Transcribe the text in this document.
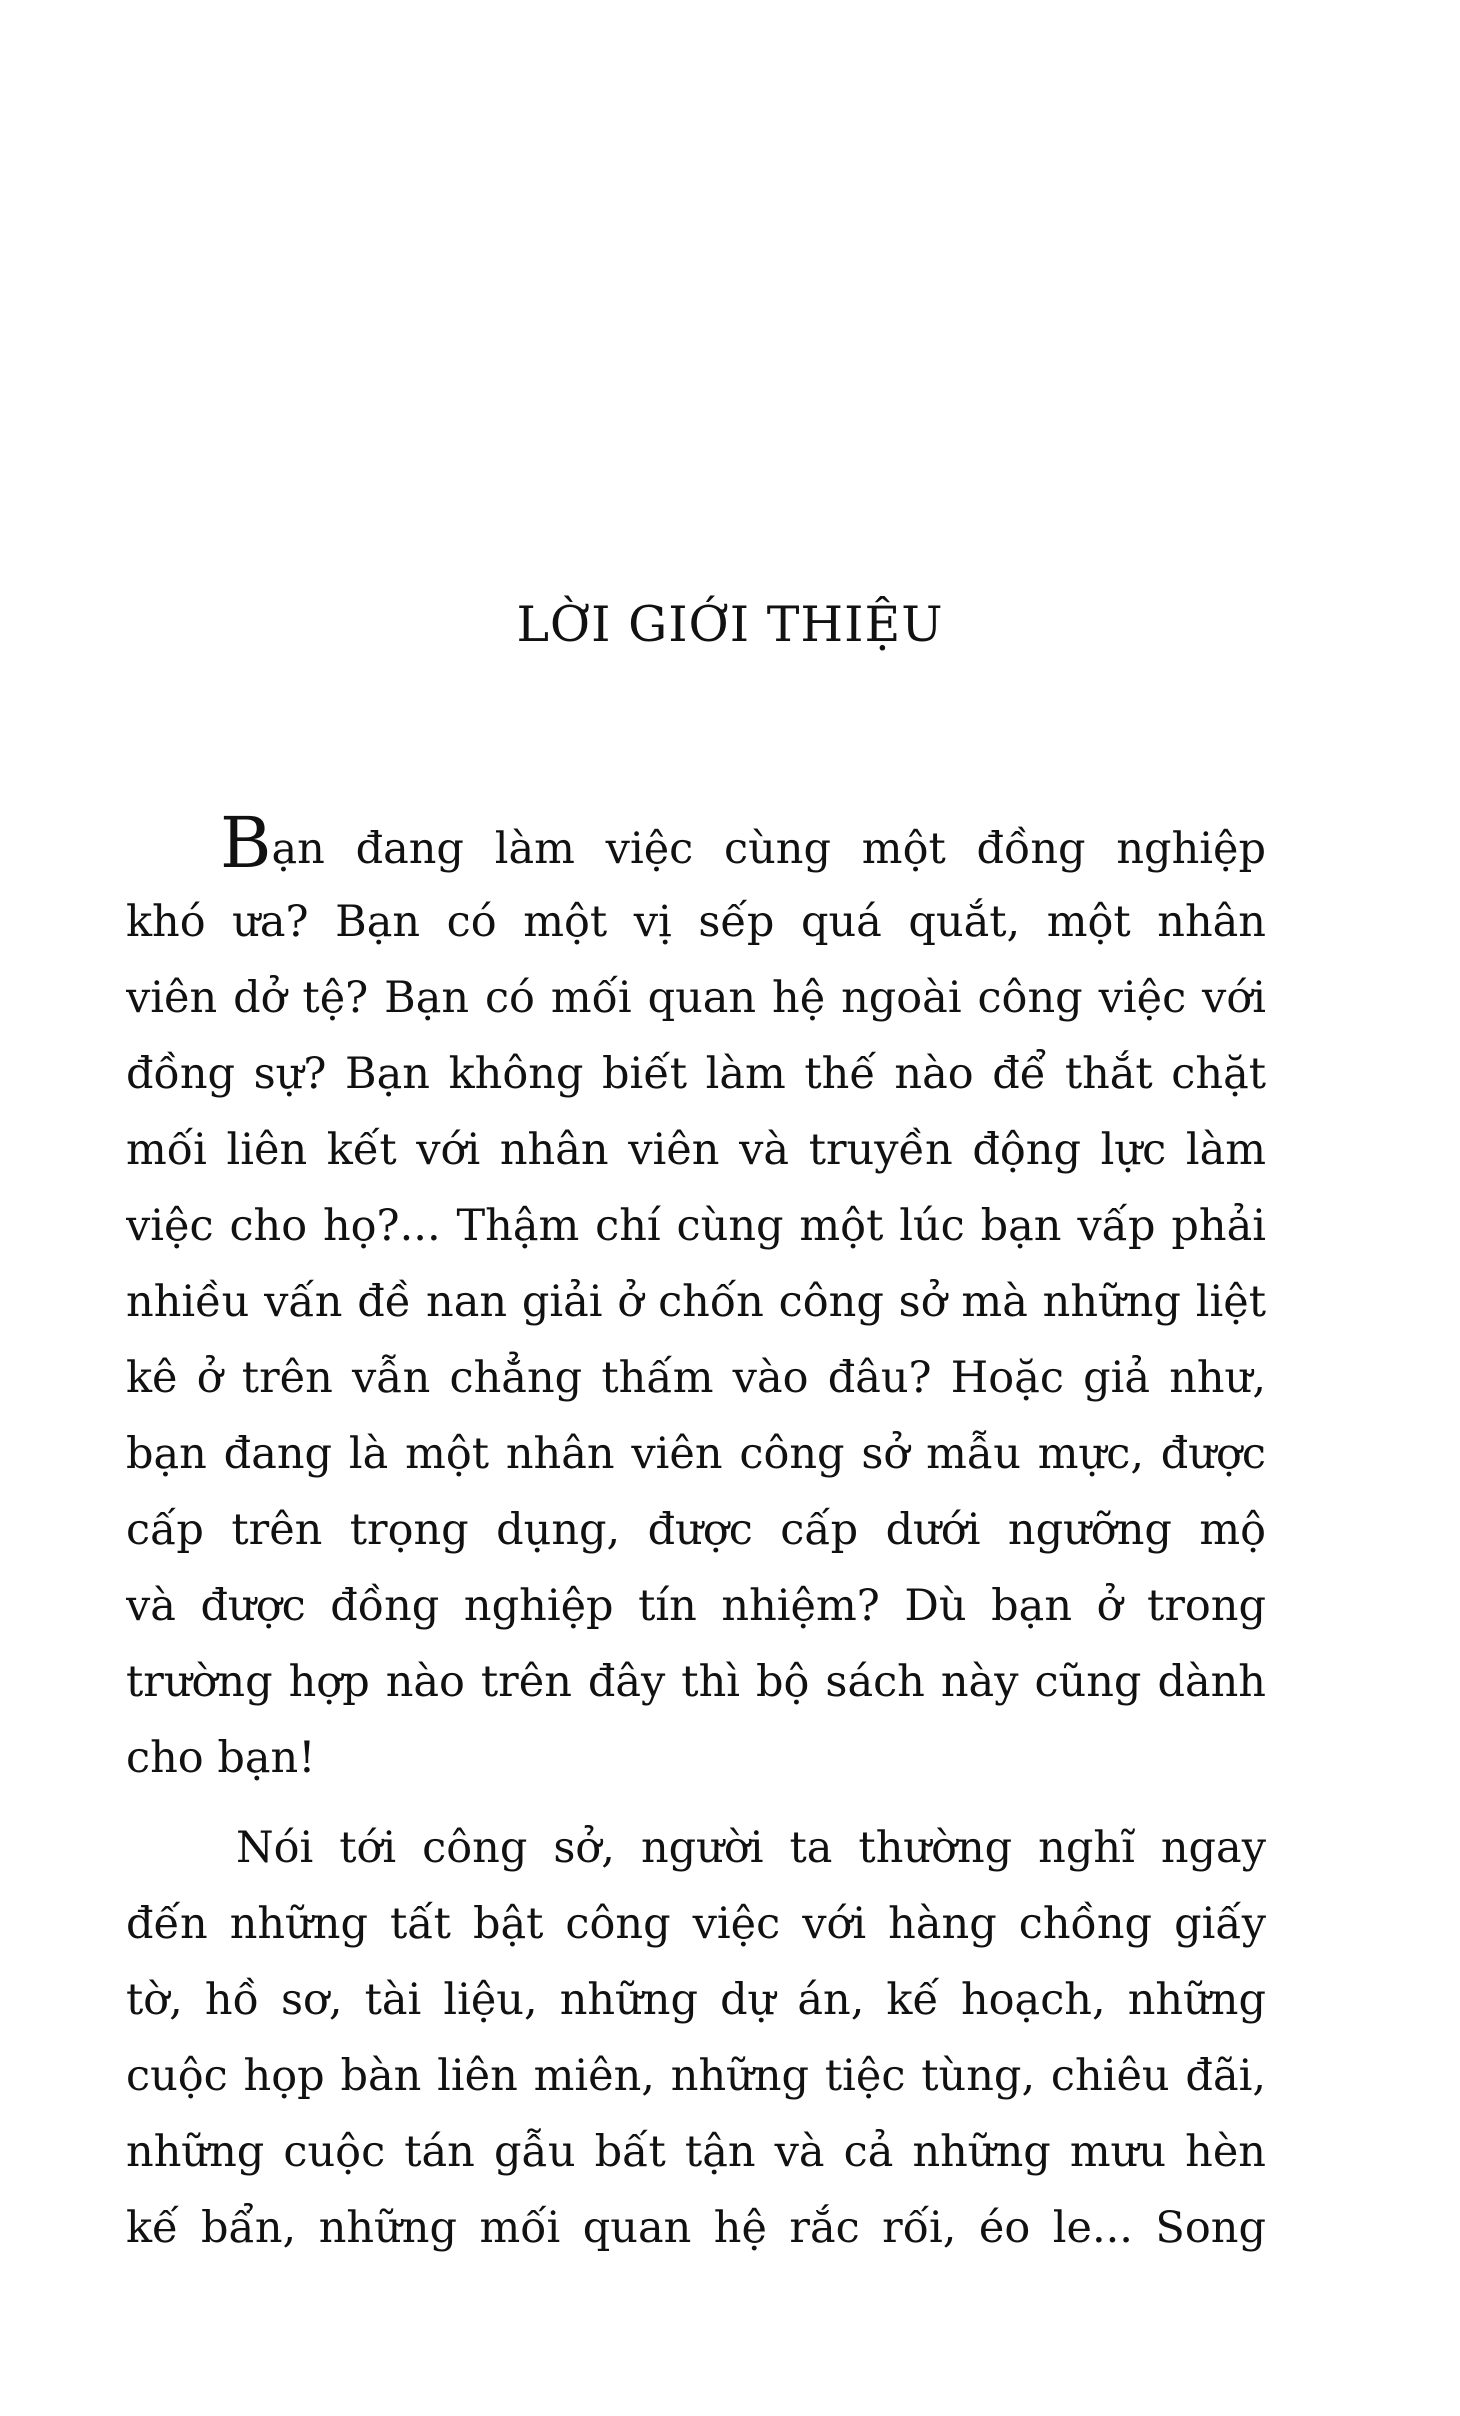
LỜI GIỚI THIỆU
Bạn đang làm việc cùng một đồng nghiệp
khó ưa? Bạn có một vị sếp quá quắt, một nhân
viên dở tệ? Bạn có mối quan hệ ngoài công việc với
đồng sự? Bạn không biết làm thế nào để thắt chặt
mối liên kết với nhân viên và truyền động lực làm
việc cho họ?... Thậm chí cùng một lúc bạn vấp phải
nhiều vấn đề nan giải ở chốn công sở mà những liệt
kê ở trên vẫn chẳng thấm vào đâu? Hoặc giả như,
bạn đang là một nhân viên công sở mẫu mực, được
cấp trên trọng dụng, được cấp dưới ngưỡng mộ
và được đồng nghiệp tín nhiệm? Dù bạn ở trong
trường hợp nào trên đây thì bộ sách này cũng dành
cho bạn!
Nói tới công sở, người ta thường nghĩ ngay
đến những tất bật công việc với hàng chồng giấy
tờ, hồ sơ, tài liệu, những dự án, kế hoạch, những
cuộc họp bàn liên miên, những tiệc tùng, chiêu đãi,
những cuộc tán gẫu bất tận và cả những mưu hèn
kế bẩn, những mối quan hệ rắc rối, éo le... Song
